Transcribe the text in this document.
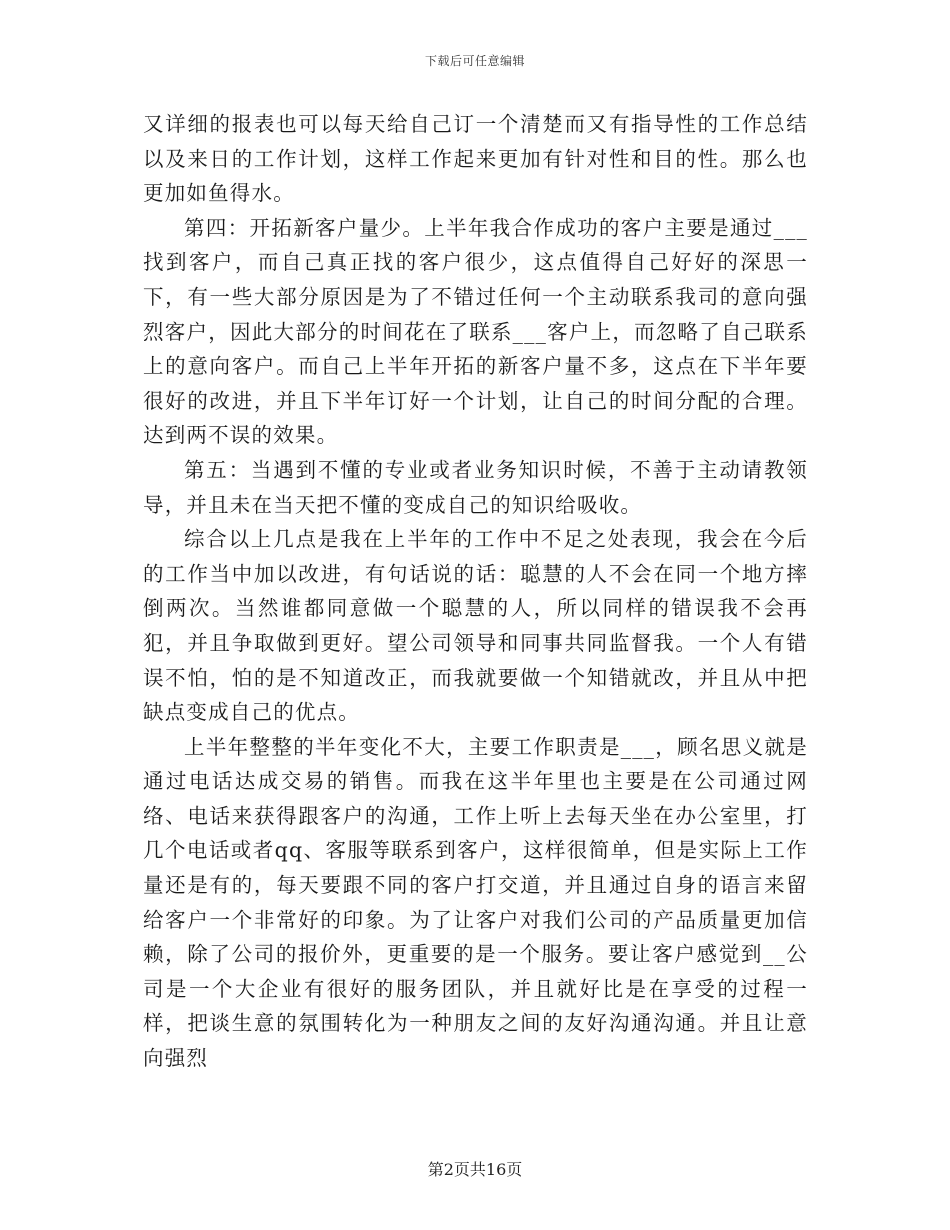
下载后可任意编辑

又详细的报表也可以每天给自己订一个清楚而又有指导性的工作总结以及来日的工作计划，这样工作起来更加有针对性和目的性。那么也更加如鱼得水。

第四：开拓新客户量少。上半年我合作成功的客户主要是通过___找到客户，而自己真正找的客户很少，这点值得自己好好的深思一下，有一些大部分原因是为了不错过任何一个主动联系我司的意向强烈客户，因此大部分的时间花在了联系___客户上，而忽略了自己联系上的意向客户。而自己上半年开拓的新客户量不多，这点在下半年要很好的改进，并且下半年订好一个计划，让自己的时间分配的合理。达到两不误的效果。

第五：当遇到不懂的专业或者业务知识时候，不善于主动请教领导，并且未在当天把不懂的变成自己的知识给吸收。

综合以上几点是我在上半年的工作中不足之处表现，我会在今后的工作当中加以改进，有句话说的话：聪慧的人不会在同一个地方摔倒两次。当然谁都同意做一个聪慧的人，所以同样的错误我不会再犯，并且争取做到更好。望公司领导和同事共同监督我。一个人有错误不怕，怕的是不知道改正，而我就要做一个知错就改，并且从中把缺点变成自己的优点。

上半年整整的半年变化不大，主要工作职责是___，顾名思义就是通过电话达成交易的销售。而我在这半年里也主要是在公司通过网络、电话来获得跟客户的沟通，工作上听上去每天坐在办公室里，打几个电话或者qq、客服等联系到客户，这样很简单，但是实际上工作量还是有的，每天要跟不同的客户打交道，并且通过自身的语言来留给客户一个非常好的印象。为了让客户对我们公司的产品质量更加信赖，除了公司的报价外，更重要的是一个服务。要让客户感觉到__公司是一个大企业有很好的服务团队，并且就好比是在享受的过程一样，把谈生意的氛围转化为一种朋友之间的友好沟通沟通。并且让意向强烈

第2页共16页
